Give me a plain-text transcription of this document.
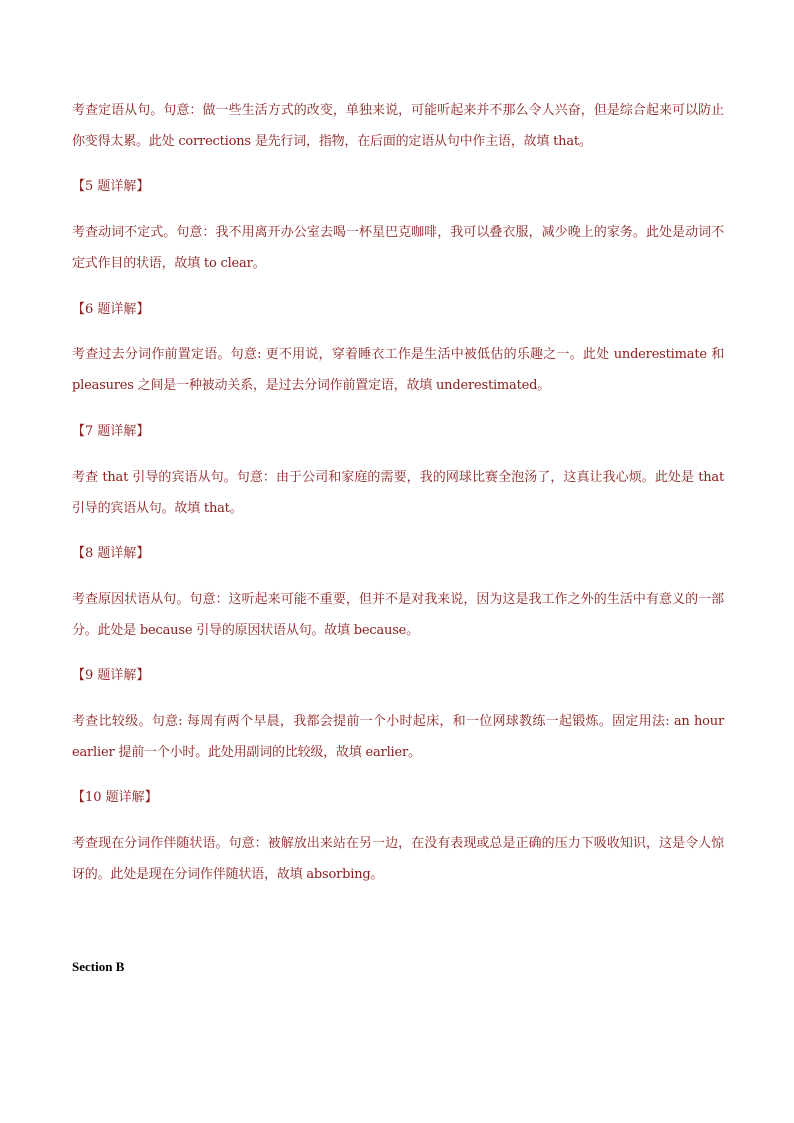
考查定语从句。句意：做一些生活方式的改变，单独来说，可能听起来并不那么令人兴奋，但是综合起来可以防止你变得太累。此处 corrections 是先行词，指物，在后面的定语从句中作主语，故填 that。

【5 题详解】

考查动词不定式。句意：我不用离开办公室去喝一杯星巴克咖啡，我可以叠衣服，减少晚上的家务。此处是动词不定式作目的状语，故填 to clear。

【6 题详解】

考查过去分词作前置定语。句意: 更不用说，穿着睡衣工作是生活中被低估的乐趣之一。此处 underestimate 和 pleasures 之间是一种被动关系，是过去分词作前置定语，故填 underestimated。

【7 题详解】

考查 that 引导的宾语从句。句意：由于公司和家庭的需要，我的网球比赛全泡汤了，这真让我心烦。此处是 that 引导的宾语从句。故填 that。

【8 题详解】

考查原因状语从句。句意：这听起来可能不重要，但并不是对我来说，因为这是我工作之外的生活中有意义的一部分。此处是 because 引导的原因状语从句。故填 because。

【9 题详解】

考查比较级。句意: 每周有两个早晨，我都会提前一个小时起床，和一位网球教练一起锻炼。固定用法: an hour earlier 提前一个小时。此处用副词的比较级，故填 earlier。

【10 题详解】

考查现在分词作伴随状语。句意：被解放出来站在另一边，在没有表现或总是正确的压力下吸收知识，这是令人惊讶的。此处是现在分词作伴随状语，故填 absorbing。

Section B
